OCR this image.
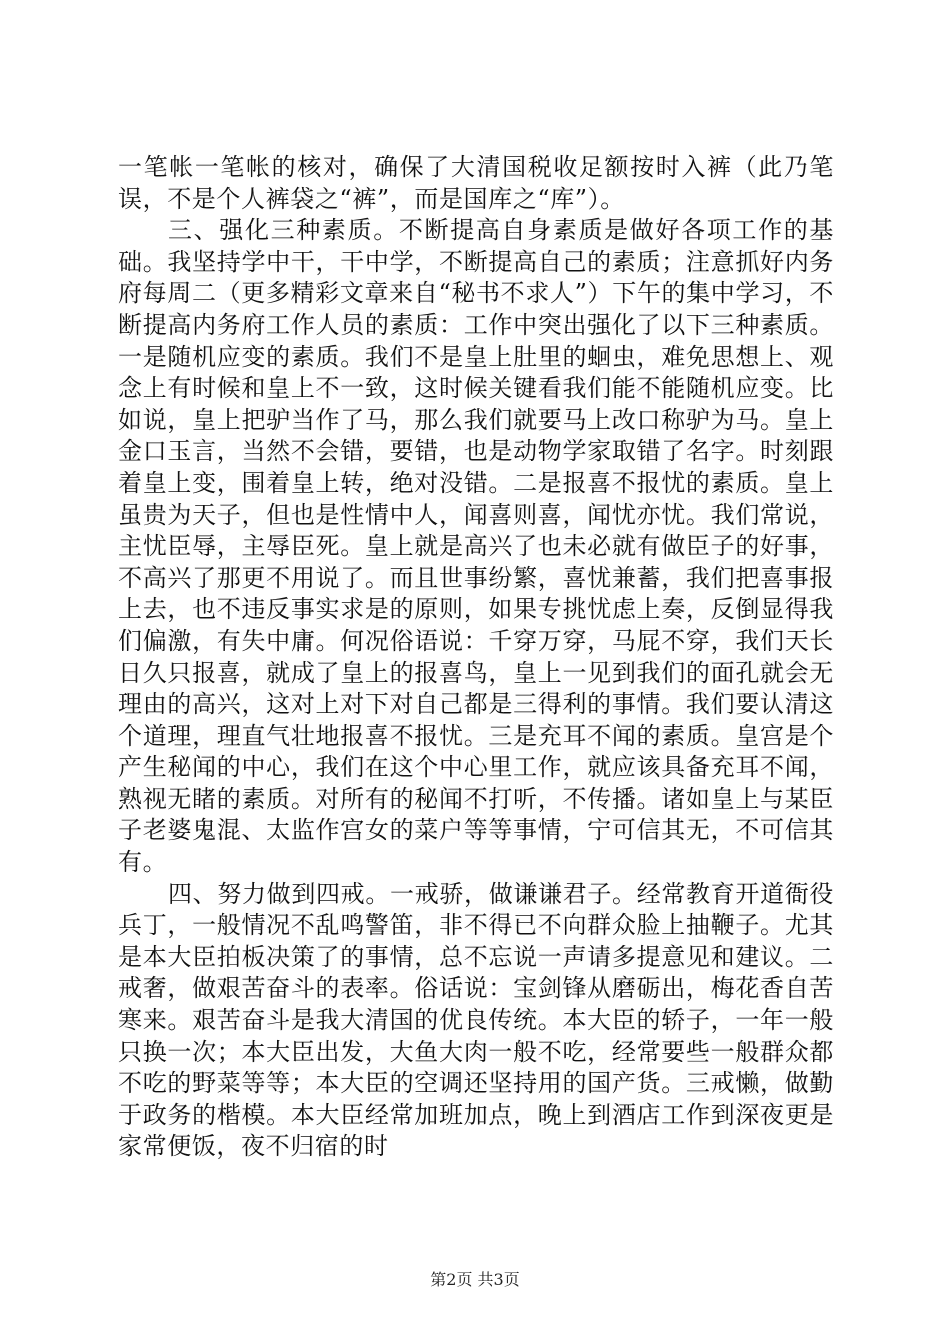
一笔帐一笔帐的核对，确保了大清国税收足额按时入裤（此乃笔误，不是个人裤袋之“裤”，而是国库之“库”）。

三、强化三种素质。不断提高自身素质是做好各项工作的基础。我坚持学中干，干中学，不断提高自己的素质；注意抓好内务府每周二（更多精彩文章来自“秘书不求人”）下午的集中学习，不断提高内务府工作人员的素质：工作中突出强化了以下三种素质。一是随机应变的素质。我们不是皇上肚里的蛔虫，难免思想上、观念上有时候和皇上不一致，这时候关键看我们能不能随机应变。比如说，皇上把驴当作了马，那么我们就要马上改口称驴为马。皇上金口玉言，当然不会错，要错，也是动物学家取错了名字。时刻跟着皇上变，围着皇上转，绝对没错。二是报喜不报忧的素质。皇上虽贵为天子，但也是性情中人，闻喜则喜，闻忧亦忧。我们常说，主忧臣辱，主辱臣死。皇上就是高兴了也未必就有做臣子的好事，不高兴了那更不用说了。而且世事纷繁，喜忧兼蓄，我们把喜事报上去，也不违反事实求是的原则，如果专挑忧虑上奏，反倒显得我们偏激，有失中庸。何况俗语说：千穿万穿，马屁不穿，我们天长日久只报喜，就成了皇上的报喜鸟，皇上一见到我们的面孔就会无理由的高兴，这对上对下对自己都是三得利的事情。我们要认清这个道理，理直气壮地报喜不报忧。三是充耳不闻的素质。皇宫是个产生秘闻的中心，我们在这个中心里工作，就应该具备充耳不闻，熟视无睹的素质。对所有的秘闻不打听，不传播。诸如皇上与某臣子老婆鬼混、太监作宫女的菜户等等事情，宁可信其无，不可信其有。

四、努力做到四戒。一戒骄，做谦谦君子。经常教育开道衙役兵丁，一般情况不乱鸣警笛，非不得已不向群众脸上抽鞭子。尤其是本大臣拍板决策了的事情，总不忘说一声请多提意见和建议。二戒奢，做艰苦奋斗的表率。俗话说：宝剑锋从磨砺出，梅花香自苦寒来。艰苦奋斗是我大清国的优良传统。本大臣的轿子，一年一般只换一次；本大臣出发，大鱼大肉一般不吃，经常要些一般群众都不吃的野菜等等；本大臣的空调还坚持用的国产货。三戒懒，做勤于政务的楷模。本大臣经常加班加点，晚上到酒店工作到深夜更是家常便饭，夜不归宿的时

第2页 共3页
